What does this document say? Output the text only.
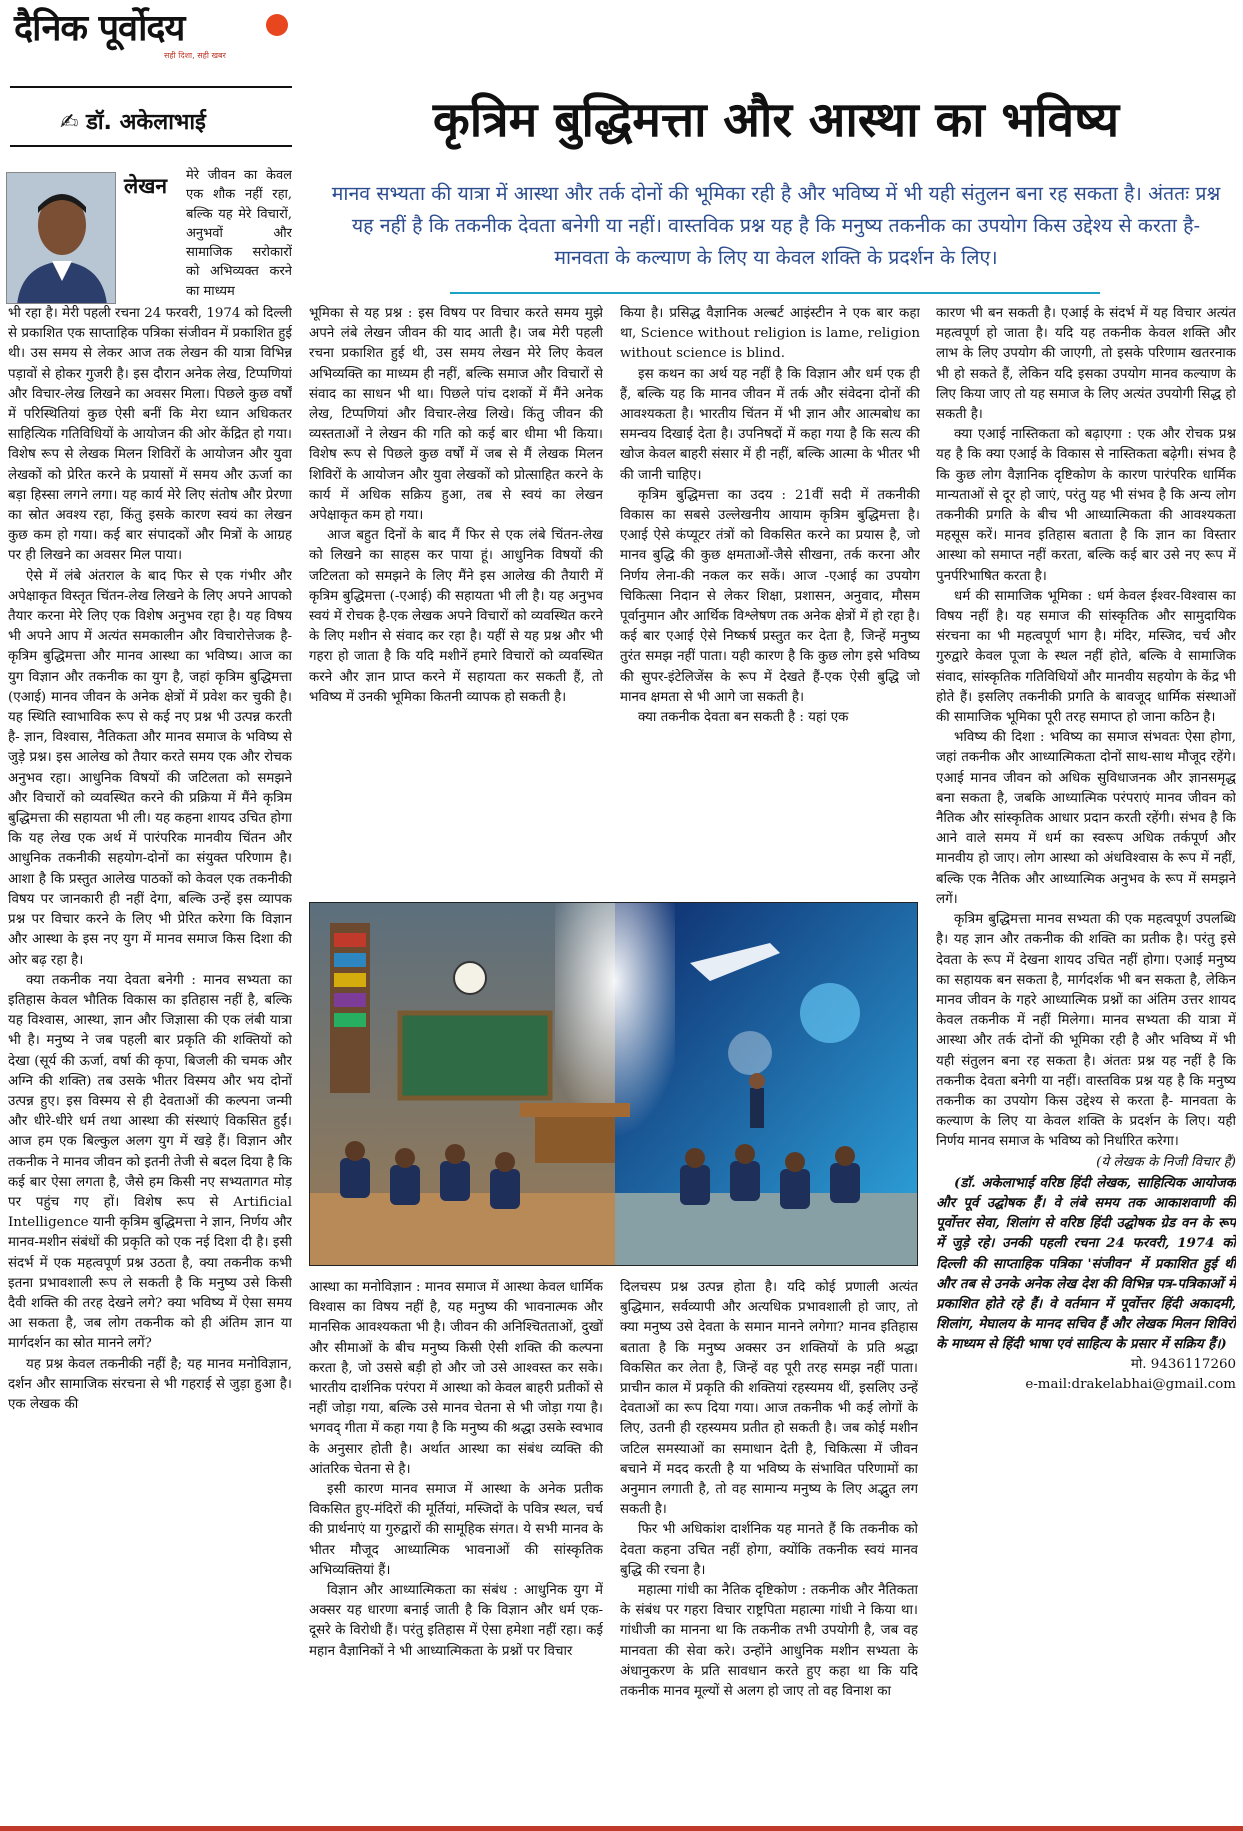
दैनिक पूर्वोदय
सही दिशा, सही खबर
✍ डॉ. अकेलाभाई	कृत्रिम बुद्धिमत्ता और आस्था का भविष्य
मानव सभ्यता की यात्रा में आस्था और तर्क दोनों की भूमिका रही है और भविष्य में भी यही संतुलन बना रह सकता है। अंततः प्रश्न यह नहीं है कि तकनीक देवता बनेगी या नहीं। वास्तविक प्रश्न यह है कि मनुष्य तकनीक का उपयोग किस उद्देश्य से करता है-मानवता के कल्याण के लिए या केवल शक्ति के प्रदर्शन के लिए।
लेखन मेरे जीवन का केवल एक शौक नहीं रहा, बल्कि यह मेरे विचारों, अनुभवों और सामाजिक सरोकारों को अभिव्यक्त करने का माध्यम

भी रहा है। मेरी पहली रचना 24 फरवरी, 1974 को दिल्ली से प्रकाशित एक साप्ताहिक पत्रिका संजीवन में प्रकाशित हुई थी। उस समय से लेकर आज तक लेखन की यात्रा विभिन्न पड़ावों से होकर गुजरी है। इस दौरान अनेक लेख, टिप्पणियां और विचार-लेख लिखने का अवसर मिला। पिछले कुछ वर्षों में परिस्थितियां कुछ ऐसी बनीं कि मेरा ध्यान अधिकतर साहित्यिक गतिविधियों के आयोजन की ओर केंद्रित हो गया। विशेष रूप से लेखक मिलन शिविरों के आयोजन और युवा लेखकों को प्रेरित करने के प्रयासों में समय और ऊर्जा का बड़ा हिस्सा लगने लगा। यह कार्य मेरे लिए संतोष और प्रेरणा का स्रोत अवश्य रहा, किंतु इसके कारण स्वयं का लेखन कुछ कम हो गया। कई बार संपादकों और मित्रों के आग्रह पर ही लिखने का अवसर मिल पाया।

ऐसे में लंबे अंतराल के बाद फिर से एक गंभीर और अपेक्षाकृत विस्तृत चिंतन-लेख लिखने के लिए अपने आपको तैयार करना मेरे लिए एक विशेष अनुभव रहा है। यह विषय भी अपने आप में अत्यंत समकालीन और विचारोत्तेजक है- कृत्रिम बुद्धिमत्ता और मानव आस्था का भविष्य। आज का युग विज्ञान और तकनीक का युग है, जहां कृत्रिम बुद्धिमत्ता (एआई) मानव जीवन के अनेक क्षेत्रों में प्रवेश कर चुकी है। यह स्थिति स्वाभाविक रूप से कई नए प्रश्न भी उत्पन्न करती है- ज्ञान, विश्वास, नैतिकता और मानव समाज के भविष्य से जुड़े प्रश्न। इस आलेख को तैयार करते समय एक और रोचक अनुभव रहा। आधुनिक विषयों की जटिलता को समझने और विचारों को व्यवस्थित करने की प्रक्रिया में मैंने कृत्रिम बुद्धिमत्ता की सहायता भी ली। यह कहना शायद उचित होगा कि यह लेख एक अर्थ में पारंपरिक मानवीय चिंतन और आधुनिक तकनीकी सहयोग-दोनों का संयुक्त परिणाम है। आशा है कि प्रस्तुत आलेख पाठकों को केवल एक तकनीकी विषय पर जानकारी ही नहीं देगा, बल्कि उन्हें इस व्यापक प्रश्न पर विचार करने के लिए भी प्रेरित करेगा कि विज्ञान और आस्था के इस नए युग में मानव समाज किस दिशा की ओर बढ़ रहा है।

क्या तकनीक नया देवता बनेगी : मानव सभ्यता का इतिहास केवल भौतिक विकास का इतिहास नहीं है, बल्कि यह विश्वास, आस्था, ज्ञान और जिज्ञासा की एक लंबी यात्रा भी है। मनुष्य ने जब पहली बार प्रकृति की शक्तियों को देखा (सूर्य की ऊर्जा, वर्षा की कृपा, बिजली की चमक और अग्नि की शक्ति) तब उसके भीतर विस्मय और भय दोनों उत्पन्न हुए। इस विस्मय से ही देवताओं की कल्पना जन्मी और धीरे-धीरे धर्म तथा आस्था की संस्थाएं विकसित हुईं। आज हम एक बिल्कुल अलग युग में खड़े हैं। विज्ञान और तकनीक ने मानव जीवन को इतनी तेजी से बदल दिया है कि कई बार ऐसा लगता है, जैसे हम किसी नए सभ्यतागत मोड़ पर पहुंच गए हों। विशेष रूप से Artificial Intelligence यानी कृत्रिम बुद्धिमत्ता ने ज्ञान, निर्णय और मानव-मशीन संबंधों की प्रकृति को एक नई दिशा दी है। इसी संदर्भ में एक महत्वपूर्ण प्रश्न उठता है, क्या तकनीक कभी इतना प्रभावशाली रूप ले सकती है कि मनुष्य उसे किसी दैवी शक्ति की तरह देखने लगे? क्या भविष्य में ऐसा समय आ सकता है, जब लोग तकनीक को ही अंतिम ज्ञान या मार्गदर्शन का स्रोत मानने लगें?

यह प्रश्न केवल तकनीकी नहीं है; यह मानव मनोविज्ञान, दर्शन और सामाजिक संरचना से भी गहराई से जुड़ा हुआ है। एक लेखक की

भूमिका से यह प्रश्न : इस विषय पर विचार करते समय मुझे अपने लंबे लेखन जीवन की याद आती है। जब मेरी पहली रचना प्रकाशित हुई थी, उस समय लेखन मेरे लिए केवल अभिव्यक्ति का माध्यम ही नहीं, बल्कि समाज और विचारों से संवाद का साधन भी था। पिछले पांच दशकों में मैंने अनेक लेख, टिप्पणियां और विचार-लेख लिखे। किंतु जीवन की व्यस्तताओं ने लेखन की गति को कई बार धीमा भी किया। विशेष रूप से पिछले कुछ वर्षों में जब से मैं लेखक मिलन शिविरों के आयोजन और युवा लेखकों को प्रोत्साहित करने के कार्य में अधिक सक्रिय हुआ, तब से स्वयं का लेखन अपेक्षाकृत कम हो गया।

आज बहुत दिनों के बाद मैं फिर से एक लंबे चिंतन-लेख को लिखने का साहस कर पाया हूं। आधुनिक विषयों की जटिलता को समझने के लिए मैंने इस आलेख की तैयारी में कृत्रिम बुद्धिमत्ता (-एआई) की सहायता भी ली है। यह अनुभव स्वयं में रोचक है-एक लेखक अपने विचारों को व्यवस्थित करने के लिए मशीन से संवाद कर रहा है। यहीं से यह प्रश्न और भी गहरा हो जाता है कि यदि मशीनें हमारे विचारों को व्यवस्थित करने और ज्ञान प्राप्त करने में सहायता कर सकती हैं, तो भविष्य में उनकी भूमिका कितनी व्यापक हो सकती है।

किया है। प्रसिद्ध वैज्ञानिक अल्बर्ट आइंस्टीन ने एक बार कहा था, Science without religion is lame, religion without science is blind.

इस कथन का अर्थ यह नहीं है कि विज्ञान और धर्म एक ही हैं, बल्कि यह कि मानव जीवन में तर्क और संवेदना दोनों की आवश्यकता है। भारतीय चिंतन में भी ज्ञान और आत्मबोध का समन्वय दिखाई देता है। उपनिषदों में कहा गया है कि सत्य की खोज केवल बाहरी संसार में ही नहीं, बल्कि आत्मा के भीतर भी की जानी चाहिए।

कृत्रिम बुद्धिमत्ता का उदय : 21वीं सदी में तकनीकी विकास का सबसे उल्लेखनीय आयाम कृत्रिम बुद्धिमत्ता है। एआई ऐसे कंप्यूटर तंत्रों को विकसित करने का प्रयास है, जो मानव बुद्धि की कुछ क्षमताओं-जैसे सीखना, तर्क करना और निर्णय लेना-की नकल कर सकें। आज -एआई का उपयोग चिकित्सा निदान से लेकर शिक्षा, प्रशासन, अनुवाद, मौसम पूर्वानुमान और आर्थिक विश्लेषण तक अनेक क्षेत्रों में हो रहा है। कई बार एआई ऐसे निष्कर्ष प्रस्तुत कर देता है, जिन्हें मनुष्य तुरंत समझ नहीं पाता। यही कारण है कि कुछ लोग इसे भविष्य की सुपर-इंटेलिजेंस के रूप में देखते हैं-एक ऐसी बुद्धि जो मानव क्षमता से भी आगे जा सकती है।

क्या तकनीक देवता बन सकती है : यहां एक

आस्था का मनोविज्ञान : मानव समाज में आस्था केवल धार्मिक विश्वास का विषय नहीं है, यह मनुष्य की भावनात्मक और मानसिक आवश्यकता भी है। जीवन की अनिश्चितताओं, दुखों और सीमाओं के बीच मनुष्य किसी ऐसी शक्ति की कल्पना करता है, जो उससे बड़ी हो और जो उसे आश्वस्त कर सके। भारतीय दार्शनिक परंपरा में आस्था को केवल बाहरी प्रतीकों से नहीं जोड़ा गया, बल्कि उसे मानव चेतना से भी जोड़ा गया है। भगवद् गीता में कहा गया है कि मनुष्य की श्रद्धा उसके स्वभाव के अनुसार होती है। अर्थात आस्था का संबंध व्यक्ति की आंतरिक चेतना से है।

इसी कारण मानव समाज में आस्था के अनेक प्रतीक विकसित हुए-मंदिरों की मूर्तियां, मस्जिदों के पवित्र स्थल, चर्च की प्रार्थनाएं या गुरुद्वारों की सामूहिक संगत। ये सभी मानव के भीतर मौजूद आध्यात्मिक भावनाओं की सांस्कृतिक अभिव्यक्तियां हैं।

विज्ञान और आध्यात्मिकता का संबंध : आधुनिक युग में अक्सर यह धारणा बनाई जाती है कि विज्ञान और धर्म एक-दूसरे के विरोधी हैं। परंतु इतिहास में ऐसा हमेशा नहीं रहा। कई महान वैज्ञानिकों ने भी आध्यात्मिकता के प्रश्नों पर विचार

दिलचस्प प्रश्न उत्पन्न होता है। यदि कोई प्रणाली अत्यंत बुद्धिमान, सर्वव्यापी और अत्यधिक प्रभावशाली हो जाए, तो क्या मनुष्य उसे देवता के समान मानने लगेगा? मानव इतिहास बताता है कि मनुष्य अक्सर उन शक्तियों के प्रति श्रद्धा विकसित कर लेता है, जिन्हें वह पूरी तरह समझ नहीं पाता। प्राचीन काल में प्रकृति की शक्तियां रहस्यमय थीं, इसलिए उन्हें देवताओं का रूप दिया गया। आज तकनीक भी कई लोगों के लिए, उतनी ही रहस्यमय प्रतीत हो सकती है। जब कोई मशीन जटिल समस्याओं का समाधान देती है, चिकित्सा में जीवन बचाने में मदद करती है या भविष्य के संभावित परिणामों का अनुमान लगाती है, तो वह सामान्य मनुष्य के लिए अद्भुत लग सकती है।

फिर भी अधिकांश दार्शनिक यह मानते हैं कि तकनीक को देवता कहना उचित नहीं होगा, क्योंकि तकनीक स्वयं मानव बुद्धि की रचना है।

महात्मा गांधी का नैतिक दृष्टिकोण : तकनीक और नैतिकता के संबंध पर गहरा विचार राष्ट्रपिता महात्मा गांधी ने किया था। गांधीजी का मानना था कि तकनीक तभी उपयोगी है, जब वह मानवता की सेवा करे। उन्होंने आधुनिक मशीन सभ्यता के अंधानुकरण के प्रति सावधान करते हुए कहा था कि यदि तकनीक मानव मूल्यों से अलग हो जाए तो वह विनाश का

कारण भी बन सकती है। एआई के संदर्भ में यह विचार अत्यंत महत्वपूर्ण हो जाता है। यदि यह तकनीक केवल शक्ति और लाभ के लिए उपयोग की जाएगी, तो इसके परिणाम खतरनाक भी हो सकते हैं, लेकिन यदि इसका उपयोग मानव कल्याण के लिए किया जाए तो यह समाज के लिए अत्यंत उपयोगी सिद्ध हो सकती है।

क्या एआई नास्तिकता को बढ़ाएगा : एक और रोचक प्रश्न यह है कि क्या एआई के विकास से नास्तिकता बढ़ेगी। संभव है कि कुछ लोग वैज्ञानिक दृष्टिकोण के कारण पारंपरिक धार्मिक मान्यताओं से दूर हो जाएं, परंतु यह भी संभव है कि अन्य लोग तकनीकी प्रगति के बीच भी आध्यात्मिकता की आवश्यकता महसूस करें। मानव इतिहास बताता है कि ज्ञान का विस्तार आस्था को समाप्त नहीं करता, बल्कि कई बार उसे नए रूप में पुनर्परिभाषित करता है।

धर्म की सामाजिक भूमिका : धर्म केवल ईश्वर-विश्वास का विषय नहीं है। यह समाज की सांस्कृतिक और सामुदायिक संरचना का भी महत्वपूर्ण भाग है। मंदिर, मस्जिद, चर्च और गुरुद्वारे केवल पूजा के स्थल नहीं होते, बल्कि वे सामाजिक संवाद, सांस्कृतिक गतिविधियों और मानवीय सहयोग के केंद्र भी होते हैं। इसलिए तकनीकी प्रगति के बावजूद धार्मिक संस्थाओं की सामाजिक भूमिका पूरी तरह समाप्त हो जाना कठिन है।

भविष्य की दिशा : भविष्य का समाज संभवतः ऐसा होगा, जहां तकनीक और आध्यात्मिकता दोनों साथ-साथ मौजूद रहेंगे। एआई मानव जीवन को अधिक सुविधाजनक और ज्ञानसमृद्ध बना सकता है, जबकि आध्यात्मिक परंपराएं मानव जीवन को नैतिक और सांस्कृतिक आधार प्रदान करती रहेंगी। संभव है कि आने वाले समय में धर्म का स्वरूप अधिक तर्कपूर्ण और मानवीय हो जाए। लोग आस्था को अंधविश्वास के रूप में नहीं, बल्कि एक नैतिक और आध्यात्मिक अनुभव के रूप में समझने लगें।

कृत्रिम बुद्धिमत्ता मानव सभ्यता की एक महत्वपूर्ण उपलब्धि है। यह ज्ञान और तकनीक की शक्ति का प्रतीक है। परंतु इसे देवता के रूप में देखना शायद उचित नहीं होगा। एआई मनुष्य का सहायक बन सकता है, मार्गदर्शक भी बन सकता है, लेकिन मानव जीवन के गहरे आध्यात्मिक प्रश्नों का अंतिम उत्तर शायद केवल तकनीक में नहीं मिलेगा। मानव सभ्यता की यात्रा में आस्था और तर्क दोनों की भूमिका रही है और भविष्य में भी यही संतुलन बना रह सकता है। अंततः प्रश्न यह नहीं है कि तकनीक देवता बनेगी या नहीं। वास्तविक प्रश्न यह है कि मनुष्य तकनीक का उपयोग किस उद्देश्य से करता है- मानवता के कल्याण के लिए या केवल शक्ति के प्रदर्शन के लिए। यही निर्णय मानव समाज के भविष्य को निर्धारित करेगा।

(ये लेखक के निजी विचार हैं)

(डॉ. अकेलाभाई वरिष्ठ हिंदी लेखक, साहित्यिक आयोजक और पूर्व उद्घोषक हैं। वे लंबे समय तक आकाशवाणी की पूर्वोत्तर सेवा, शिलांग से वरिष्ठ हिंदी उद्घोषक ग्रेड वन के रूप में जुड़े रहे। उनकी पहली रचना 24 फरवरी, 1974 को दिल्ली की साप्ताहिक पत्रिका 'संजीवन' में प्रकाशित हुई थी और तब से उनके अनेक लेख देश की विभिन्न पत्र-पत्रिकाओं में प्रकाशित होते रहे हैं। वे वर्तमान में पूर्वोत्तर हिंदी अकादमी, शिलांग, मेघालय के मानद सचिव हैं और लेखक मिलन शिविरों के माध्यम से हिंदी भाषा एवं साहित्य के प्रसार में सक्रिय हैं।)

मो. 9436117260

e-mail:drakelabhai@gmail.com
